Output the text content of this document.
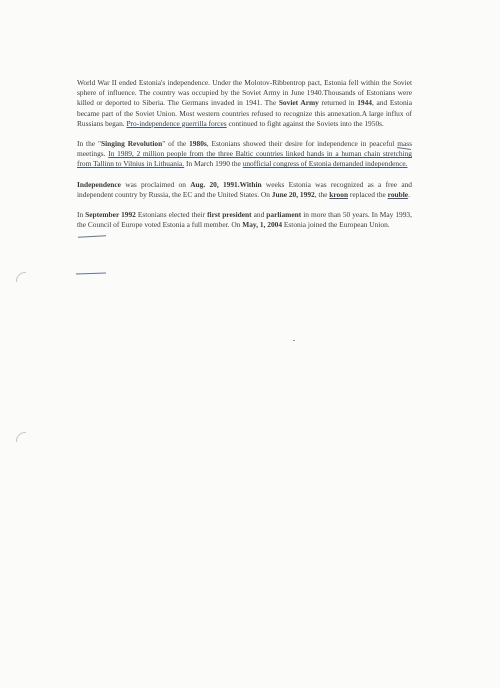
World War II ended Estonia's independence. Under the Molotov-Ribbentrop pact, Estonia fell within the Soviet sphere of influence. The country was occupied by the Soviet Army in June 1940.Thousands of Estonians were killed or deported to Siberia. The Germans invaded in 1941. The Soviet Army returned in 1944, and Estonia became part of the Soviet Union. Most western countries refused to recognize this annexation.A large influx of Russians began. Pro-independence guerrilla forces continued to fight against the Soviets into the 1950s.

In the "Singing Revolution" of the 1980s, Estonians showed their desire for independence in peaceful mass meetings. In 1989, 2 million people from the three Baltic countries linked hands in a human chain stretching from Tallinn to Vilnius in Lithuania. In March 1990 the unofficial congress of Estonia demanded independence.

Independence was proclaimed on Aug. 20, 1991.Within weeks Estonia was recognized as a free and independent country by Russia, the EC and the United States. On June 20, 1992, the kroon replaced the rouble.

In September 1992 Estonians elected their first president and parliament in more than 50 years. In May 1993, the Council of Europe voted Estonia a full member. On May, 1, 2004 Estonia joined the European Union.
